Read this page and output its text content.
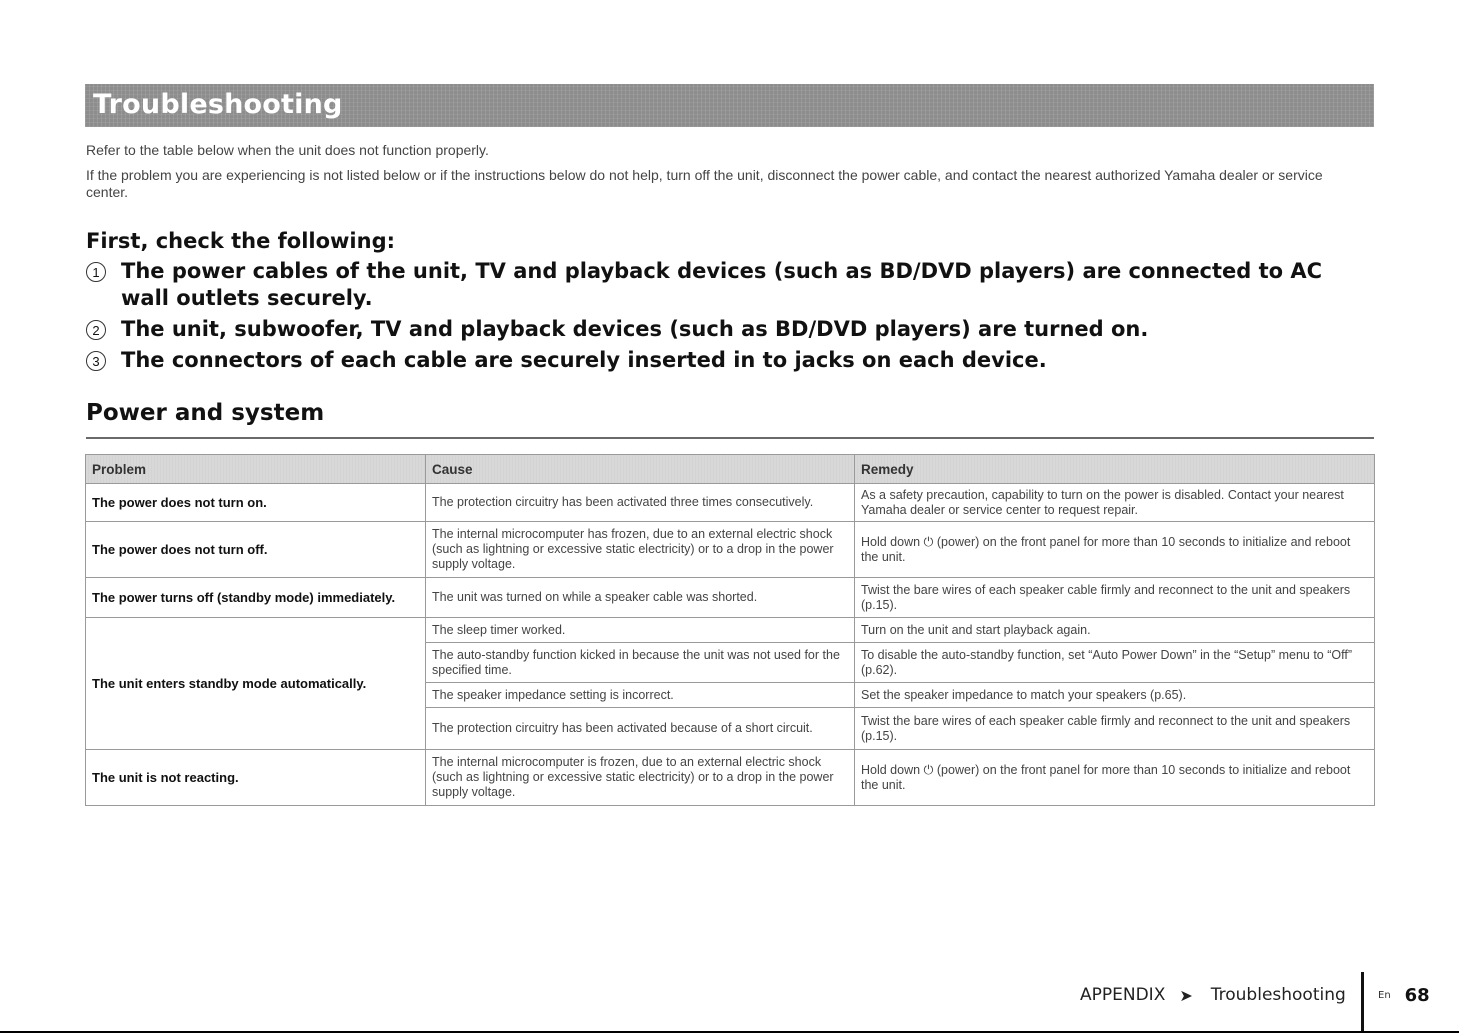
Troubleshooting

Refer to the table below when the unit does not function properly.

If the problem you are experiencing is not listed below or if the instructions below do not help, turn off the unit, disconnect the power cable, and contact the nearest authorized Yamaha dealer or service center.

First, check the following:
1	The power cables of the unit, TV and playback devices (such as BD/DVD players) are connected to AC wall outlets securely.
2	The unit, subwoofer, TV and playback devices (such as BD/DVD players) are turned on.
3	The connectors of each cable are securely inserted in to jacks on each device.
Power and system
Problem	Cause	Remedy
The power does not turn on.	The protection circuitry has been activated three times consecutively.	As a safety precaution, capability to turn on the power is disabled. Contact your nearest Yamaha dealer or service center to request repair.
The power does not turn off.	The internal microcomputer has frozen, due to an external electric shock (such as lightning or excessive static electricity) or to a drop in the power supply voltage.	Hold down ⏻ (power) on the front panel for more than 10 seconds to initialize and reboot the unit.
The power turns off (standby mode) immediately.	The unit was turned on while a speaker cable was shorted.	Twist the bare wires of each speaker cable firmly and reconnect to the unit and speakers (p.15).
The unit enters standby mode automatically.	The sleep timer worked.	Turn on the unit and start playback again.
	The auto-standby function kicked in because the unit was not used for the specified time.	To disable the auto-standby function, set “Auto Power Down” in the “Setup” menu to “Off” (p.62).
	The speaker impedance setting is incorrect.	Set the speaker impedance to match your speakers (p.65).
	The protection circuitry has been activated because of a short circuit.	Twist the bare wires of each speaker cable firmly and reconnect to the unit and speakers (p.15).
The unit is not reacting.	The internal microcomputer is frozen, due to an external electric shock (such as lightning or excessive static electricity) or to a drop in the power supply voltage.	Hold down ⏻ (power) on the front panel for more than 10 seconds to initialize and reboot the unit.
APPENDIX ➤ Troubleshooting	En 68
